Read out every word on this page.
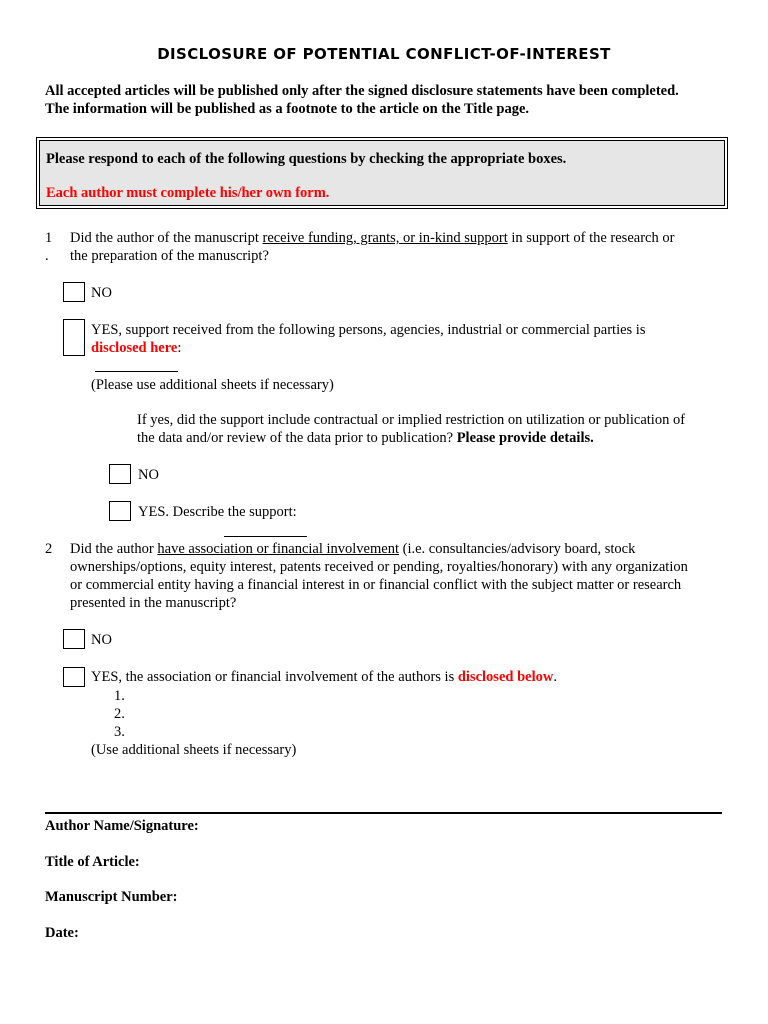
DISCLOSURE OF POTENTIAL CONFLICT-OF-INTEREST
All accepted articles will be published only after the signed disclosure statements have been completed.
The information will be published as a footnote to the article on the Title page.
Please respond to each of the following questions by checking the appropriate boxes.
Each author must complete his/her own form.
1
.
Did the author of the manuscript receive funding, grants, or in-kind support in support of the research or
the preparation of the manuscript?
NO
YES, support received from the following persons, agencies, industrial or commercial parties is
disclosed here:
(Please use additional sheets if necessary)
If yes, did the support include contractual or implied restriction on utilization or publication of
the data and/or review of the data prior to publication? Please provide details.
NO
YES. Describe the support:
2	Did the author have association or financial involvement (i.e. consultancies/advisory board, stock
ownerships/options, equity interest, patents received or pending, royalties/honorary) with any organization
or commercial entity having a financial interest in or financial conflict with the subject matter or research
presented in the manuscript?
NO
YES, the association or financial involvement of the authors is disclosed below.
1.
2.
3.
(Use additional sheets if necessary)
Author Name/Signature:
Title of Article:
Manuscript Number:
Date:
